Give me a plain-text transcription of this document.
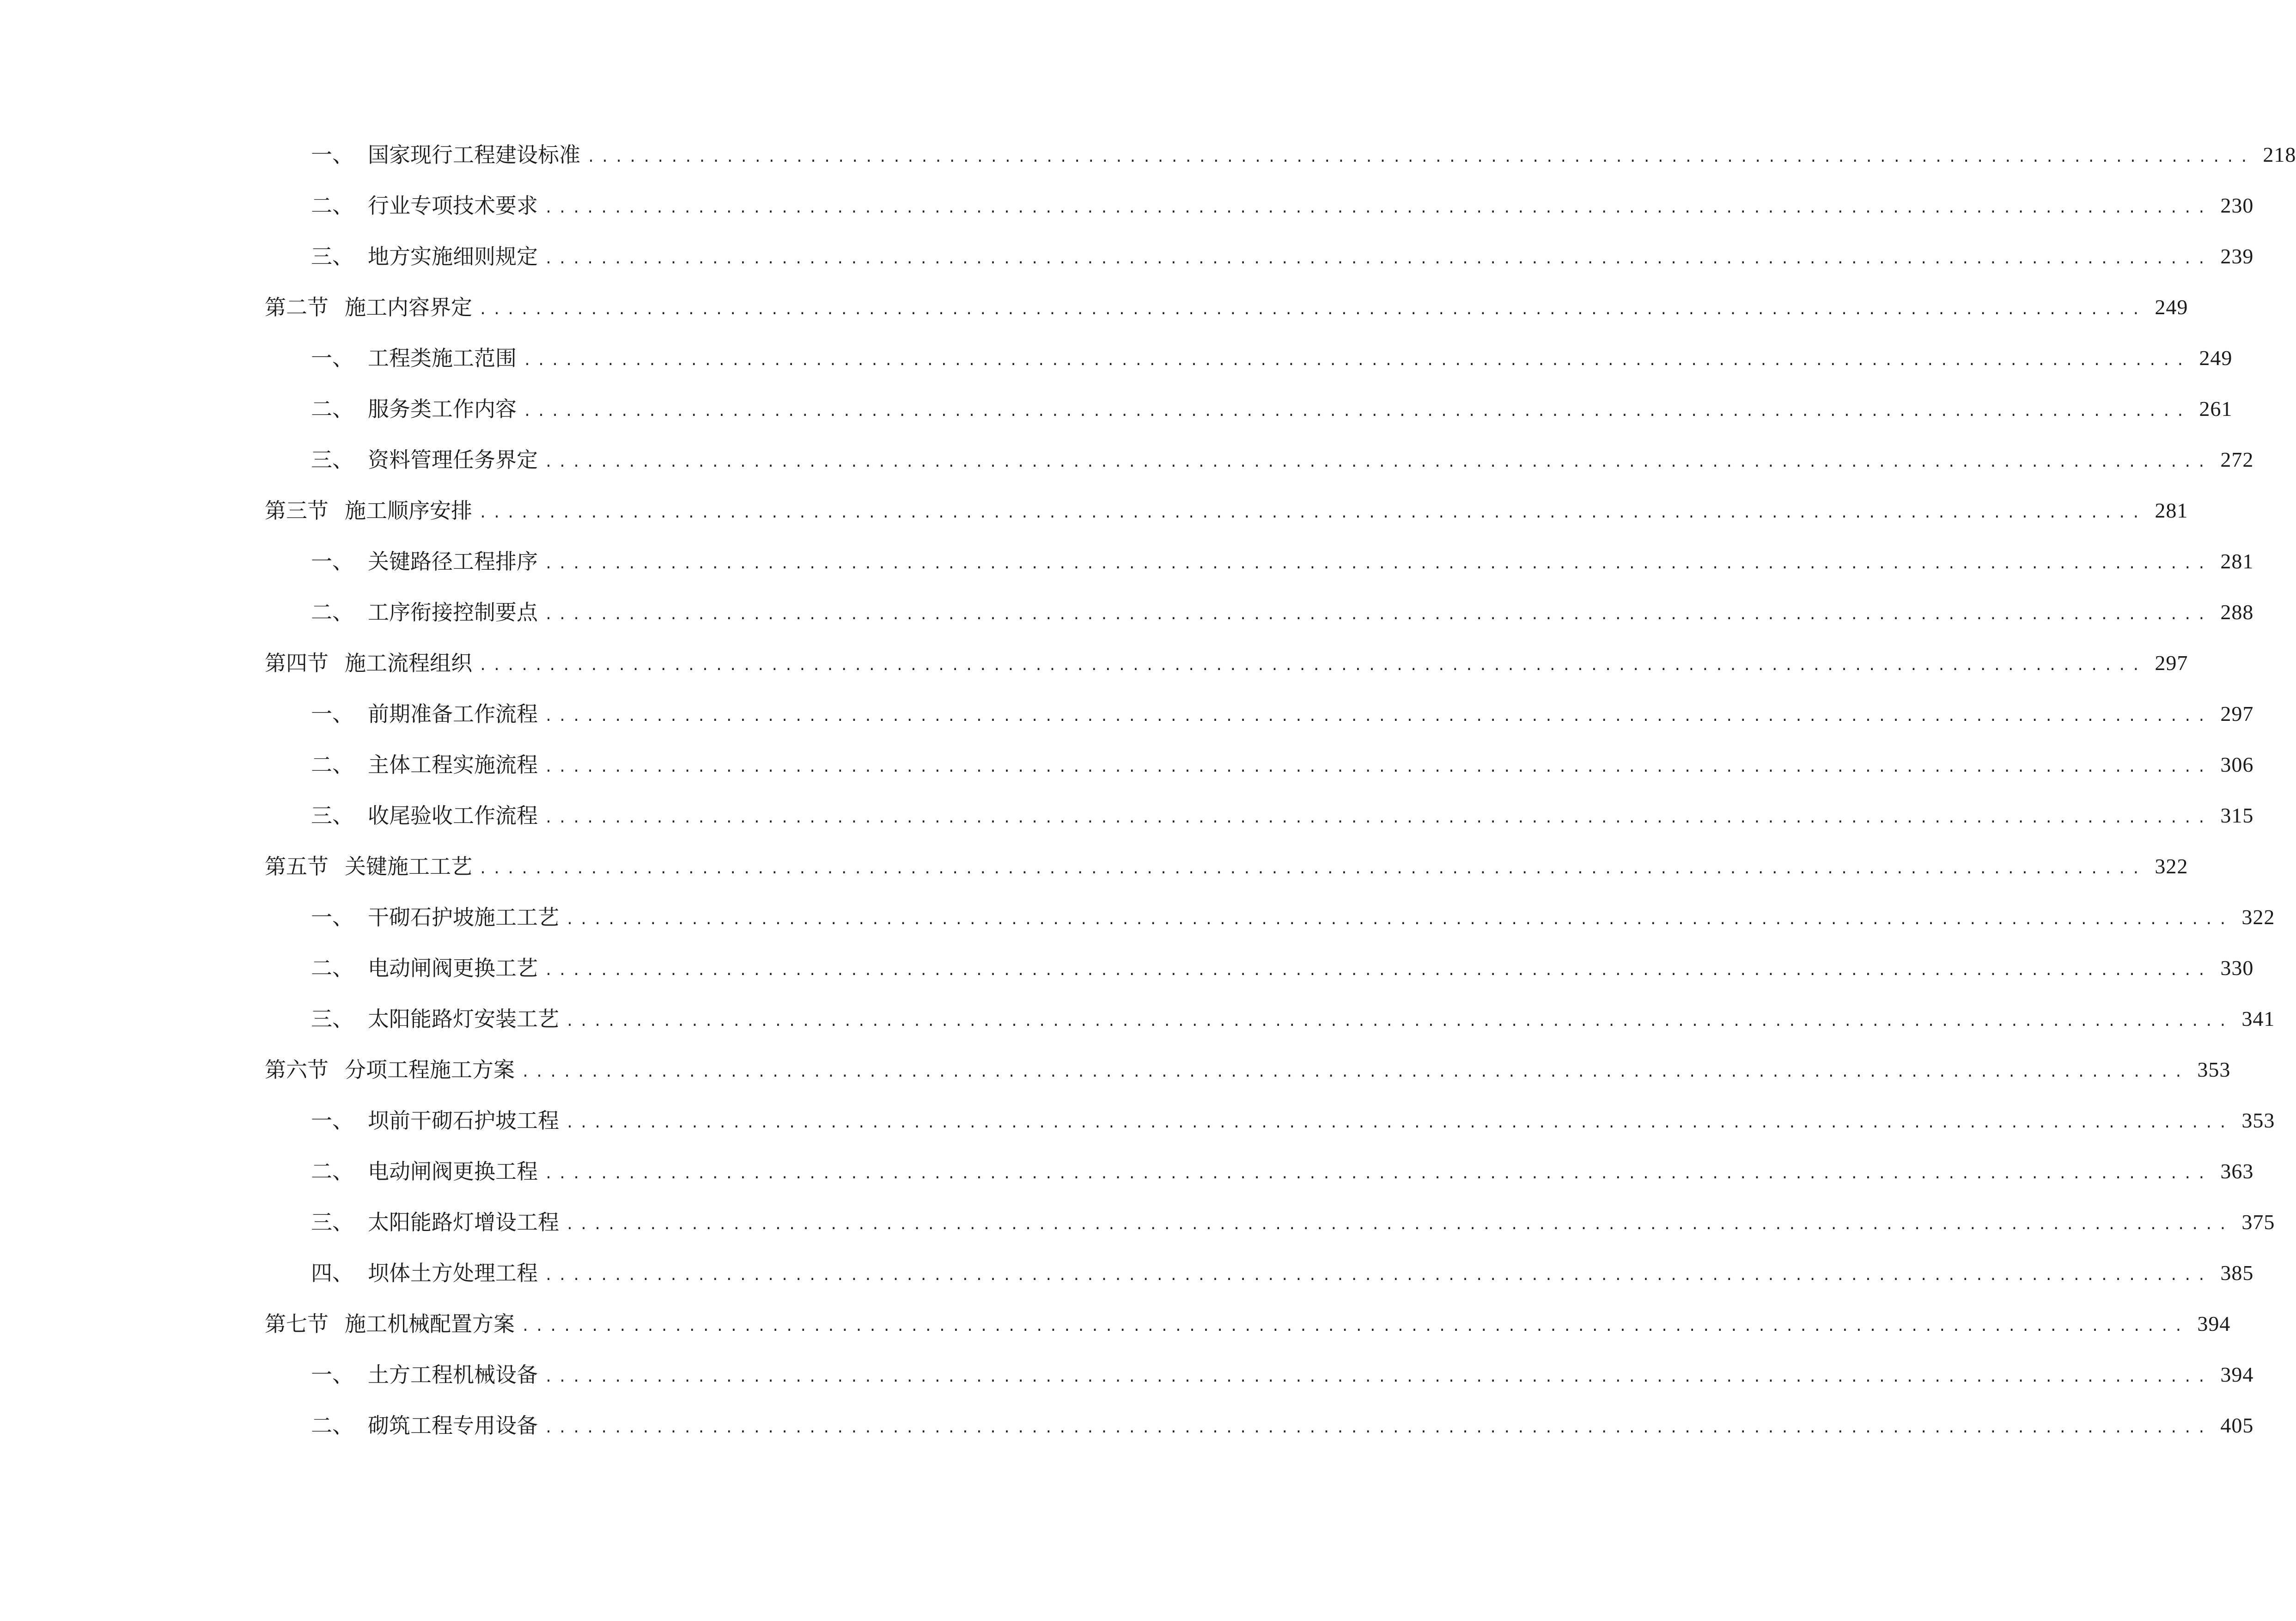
一、 国家现行工程建设标准 ........................................................................................................................ 218
二、 行业专项技术要求 ........................................................................................................................ 230
三、 地方实施细则规定 ........................................................................................................................ 239
第二节 施工内容界定 ........................................................................................................................ 249
一、 工程类施工范围 ........................................................................................................................ 249
二、 服务类工作内容 ........................................................................................................................ 261
三、 资料管理任务界定 ........................................................................................................................ 272
第三节 施工顺序安排 ........................................................................................................................ 281
一、 关键路径工程排序 ........................................................................................................................ 281
二、 工序衔接控制要点 ........................................................................................................................ 288
第四节 施工流程组织 ........................................................................................................................ 297
一、 前期准备工作流程 ........................................................................................................................ 297
二、 主体工程实施流程 ........................................................................................................................ 306
三、 收尾验收工作流程 ........................................................................................................................ 315
第五节 关键施工工艺 ........................................................................................................................ 322
一、 干砌石护坡施工工艺 ........................................................................................................................ 322
二、 电动闸阀更换工艺 ........................................................................................................................ 330
三、 太阳能路灯安装工艺 ........................................................................................................................ 341
第六节 分项工程施工方案 ........................................................................................................................ 353
一、 坝前干砌石护坡工程 ........................................................................................................................ 353
二、 电动闸阀更换工程 ........................................................................................................................ 363
三、 太阳能路灯增设工程 ........................................................................................................................ 375
四、 坝体土方处理工程 ........................................................................................................................ 385
第七节 施工机械配置方案 ........................................................................................................................ 394
一、 土方工程机械设备 ........................................................................................................................ 394
二、 砌筑工程专用设备 ........................................................................................................................ 405
